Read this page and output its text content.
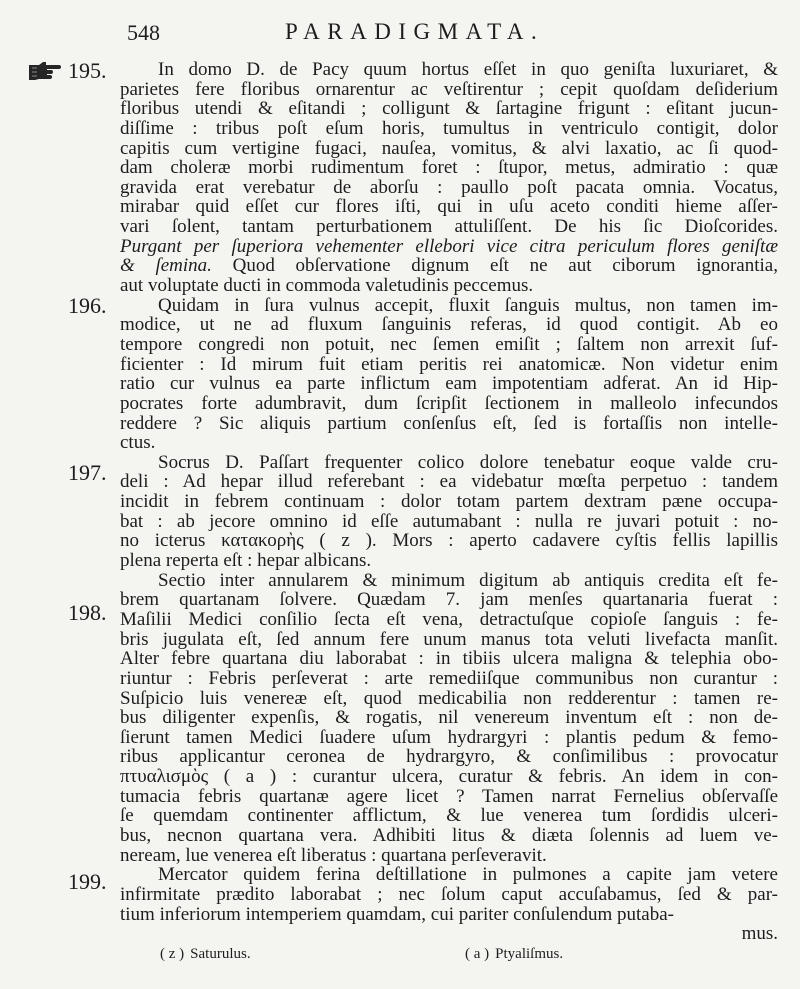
548	PARADIGMATA.
195.
196.
197.
198.
199.
In domo D. de Pacy quum hortus eſſet in quo geniſta luxuriaret, &
parietes fere floribus ornarentur ac veſtirentur ; cepit quoſdam deſiderium
floribus utendi & eſitandi ; colligunt & ſartagine frigunt : eſitant jucun-
diſſime : tribus poſt eſum horis, tumultus in ventriculo contigit, dolor
capitis cum vertigine fugaci, nauſea, vomitus, & alvi laxatio, ac ſi quod-
dam choleræ morbi rudimentum foret : ſtupor, metus, admiratio : quæ
gravida erat verebatur de aborſu : paullo poſt pacata omnia. Vocatus,
mirabar quid eſſet cur flores iſti, qui in uſu aceto conditi hieme aſſer-
vari ſolent, tantam perturbationem attuliſſent. De his ſic Dioſcorides.
Purgant per ſuperiora vehementer ellebori vice citra periculum flores geniſtæ
& ſemina. Quod obſervatione dignum eſt ne aut ciborum ignorantia,
aut voluptate ducti in commoda valetudinis peccemus.
Quidam in ſura vulnus accepit, fluxit ſanguis multus, non tamen im-
modice, ut ne ad fluxum ſanguinis referas, id quod contigit. Ab eo
tempore congredi non potuit, nec ſemen emiſit ; ſaltem non arrexit ſuf-
ficienter : Id mirum fuit etiam peritis rei anatomicæ. Non videtur enim
ratio cur vulnus ea parte inflictum eam impotentiam adferat. An id Hip-
pocrates forte adumbravit, dum ſcripſit ſectionem in malleolo infecundos
reddere ? Sic aliquis partium conſenſus eſt, ſed is fortaſſis non intelle-
ctus.
Socrus D. Paſſart frequenter colico dolore tenebatur eoque valde cru-
deli : Ad hepar illud referebant : ea videbatur mœſta perpetuo : tandem
incidit in febrem continuam : dolor totam partem dextram pæne occupa-
bat : ab jecore omnino id eſſe autumabant : nulla re juvari potuit : no-
no icterus κατακορὴς ( z ). Mors : aperto cadavere cyſtis fellis lapillis
plena reperta eſt : hepar albicans.
Sectio inter annularem & minimum digitum ab antiquis credita eſt fe-
brem quartanam ſolvere. Quædam 7. jam menſes quartanaria fuerat :
Maſilii Medici conſilio ſecta eſt vena, detractuſque copioſe ſanguis : fe-
bris jugulata eſt, ſed annum fere unum manus tota veluti livefacta manſit.
Alter febre quartana diu laborabat : in tibiis ulcera maligna & telephia obo-
riuntur : Febris perſeverat : arte remediiſque communibus non curantur :
Suſpicio luis venereæ eſt, quod medicabilia non redderentur : tamen re-
bus diligenter expenſis, & rogatis, nil venereum inventum eſt : non de-
ſierunt tamen Medici ſuadere uſum hydrargyri : plantis pedum & femo-
ribus applicantur ceronea de hydrargyro, & conſimilibus : provocatur
πτυαλισμὸς ( a ) : curantur ulcera, curatur & febris. An idem in con-
tumacia febris quartanæ agere licet ? Tamen narrat Fernelius obſervaſſe
ſe quemdam continenter afflictum, & lue venerea tum ſordidis ulceri-
bus, necnon quartana vera. Adhibiti litus & diæta ſolennis ad luem ve-
neream, lue venerea eſt liberatus : quartana perſeveravit.
Mercator quidem ferina deſtillatione in pulmones a capite jam vetere
infirmitate prædito laborabat ; nec ſolum caput accuſabamus, ſed & par-
tium inferiorum intemperiem quamdam, cui pariter conſulendum putaba-
mus.
( z ) Saturulus.	( a ) Ptyaliſmus.
